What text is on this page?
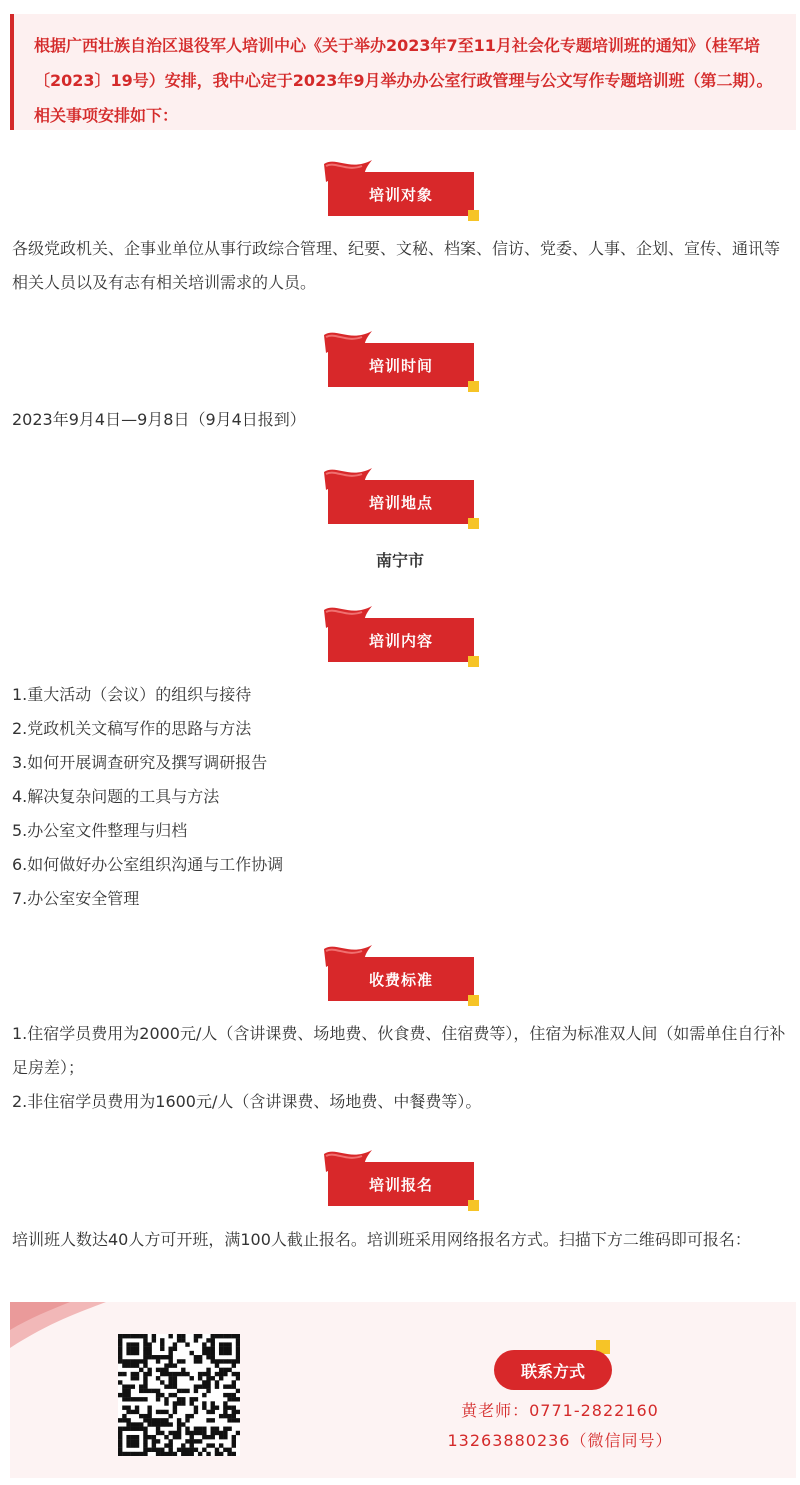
根据广西壮族自治区退役军人培训中心《关于举办2023年7至11月社会化专题培训班的通知》（桂军培〔2023〕19号）安排，我中心定于2023年9月举办办公室行政管理与公文写作专题培训班（第二期）。相关事项安排如下：
培训对象

各级党政机关、企事业单位从事行政综合管理、纪要、文秘、档案、信访、党委、人事、企划、宣传、通讯等相关人员以及有志有相关培训需求的人员。

培训时间

2023年9月4日—9月8日（9月4日报到）

培训地点

南宁市

培训内容
1.重大活动（会议）的组织与接待
2.党政机关文稿写作的思路与方法
3.如何开展调查研究及撰写调研报告
4.解决复杂问题的工具与方法
5.办公室文件整理与归档
6.如何做好办公室组织沟通与工作协调
7.办公室安全管理
收费标准
1.住宿学员费用为2000元/人（含讲课费、场地费、伙食费、住宿费等），住宿为标准双人间（如需单住自行补足房差）；
2.非住宿学员费用为1600元/人（含讲课费、场地费、中餐费等）。
培训报名

培训班人数达40人方可开班，满100人截止报名。培训班采用网络报名方式。扫描下方二维码即可报名：

联系方式
黄老师：0771-2822160
13263880236（微信同号）
